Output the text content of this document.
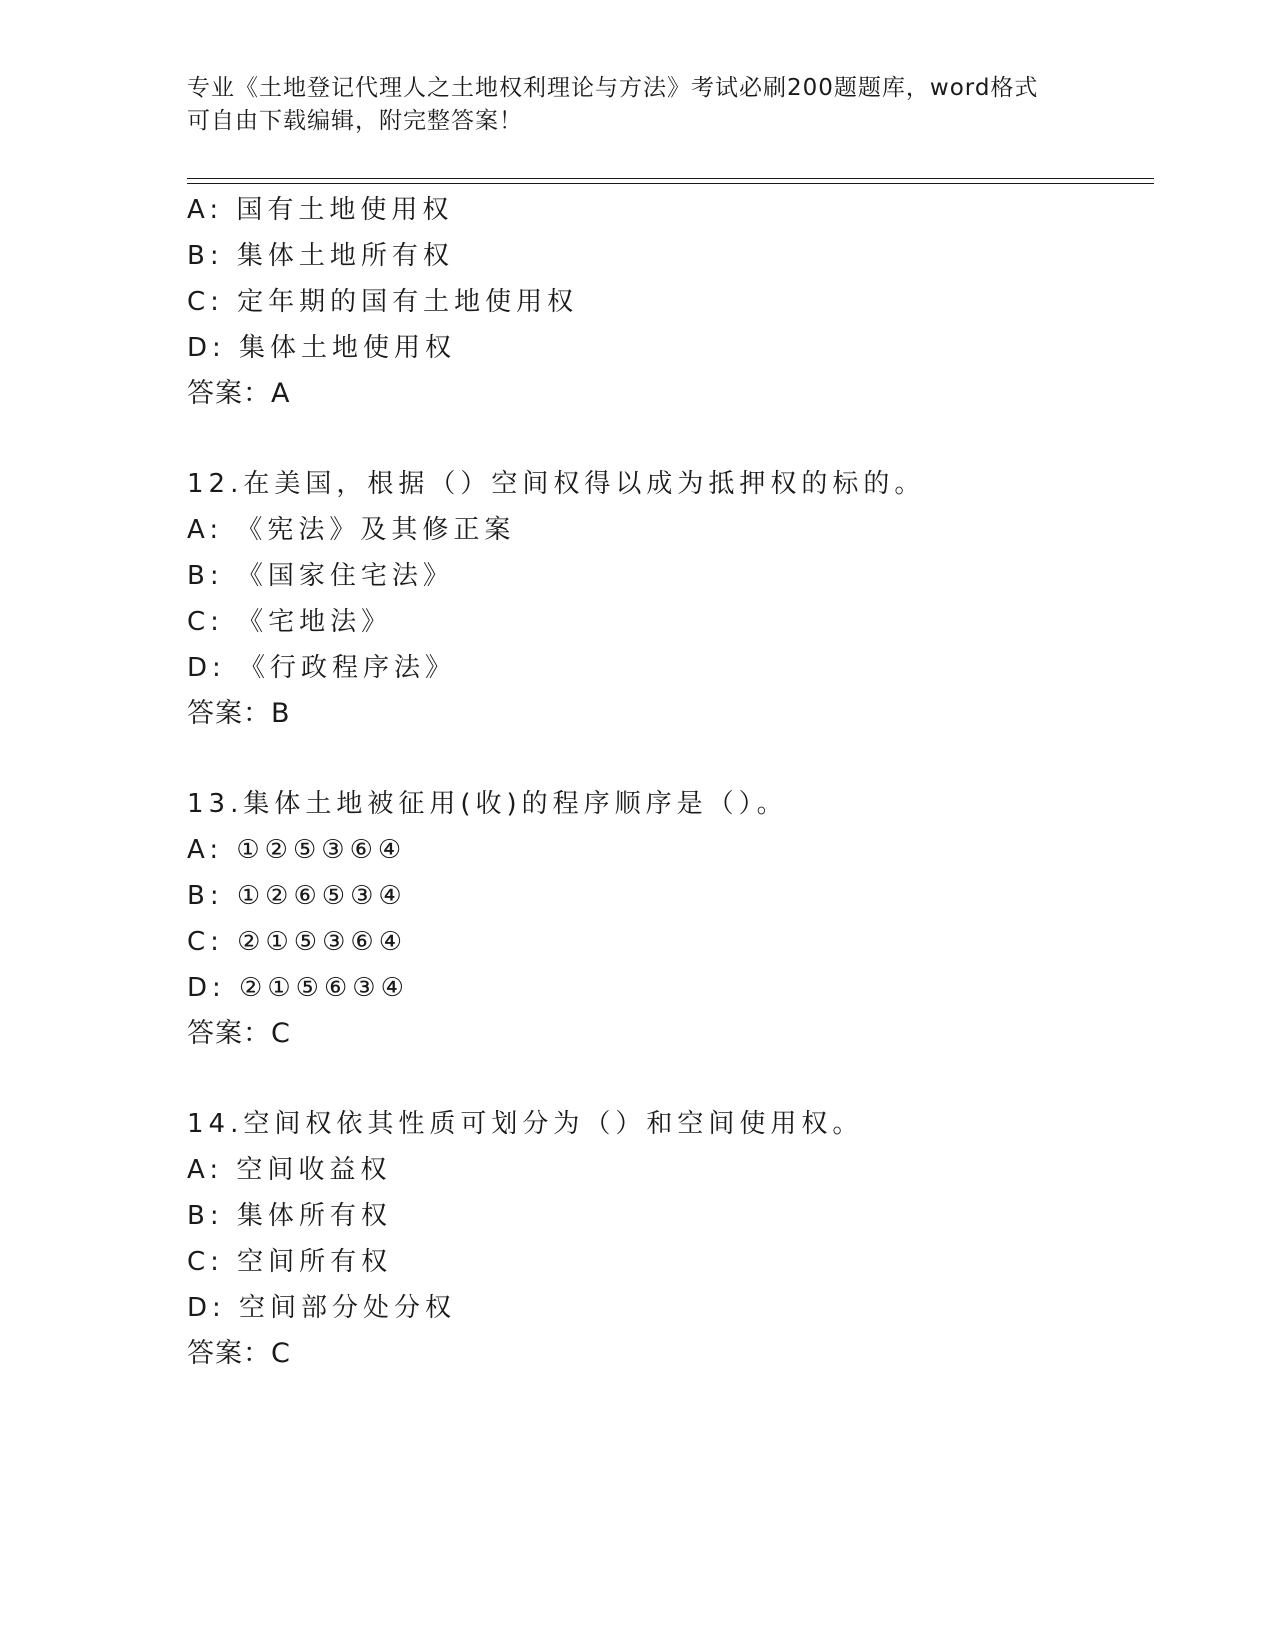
专业《土地登记代理人之土地权利理论与方法》考试必刷200题题库，word格式
可自由下载编辑，附完整答案！
A: 国有土地使用权
B: 集体土地所有权
C: 定年期的国有土地使用权
D: 集体土地使用权
答案：A
12.在美国，根据（）空间权得以成为抵押权的标的。
A: 《宪法》及其修正案
B: 《国家住宅法》
C: 《宅地法》
D: 《行政程序法》
答案：B
13.集体土地被征用(收)的程序顺序是（）。
A: ①②⑤③⑥④
B: ①②⑥⑤③④
C: ②①⑤③⑥④
D: ②①⑤⑥③④
答案：C
14.空间权依其性质可划分为（）和空间使用权。
A: 空间收益权
B: 集体所有权
C: 空间所有权
D: 空间部分处分权
答案：C
